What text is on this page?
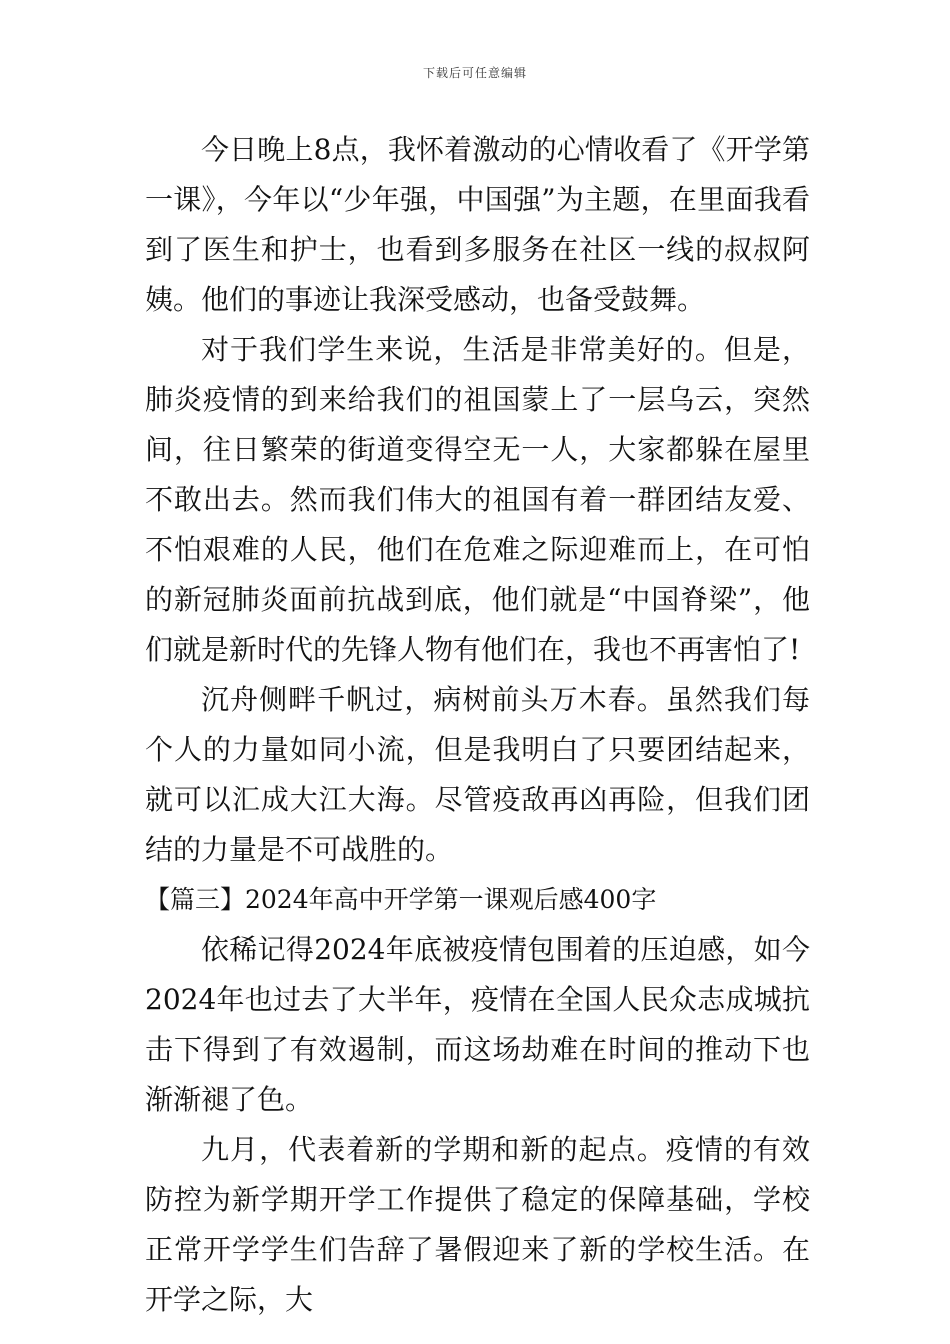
下载后可任意编辑

今日晚上8点，我怀着激动的心情收看了《开学第一课》，今年以“少年强，中国强”为主题，在里面我看到了医生和护士，也看到多服务在社区一线的叔叔阿姨。他们的事迹让我深受感动，也备受鼓舞。

对于我们学生来说，生活是非常美好的。但是，肺炎疫情的到来给我们的祖国蒙上了一层乌云，突然间，往日繁荣的街道变得空无一人，大家都躲在屋里不敢出去。然而我们伟大的祖国有着一群团结友爱、不怕艰难的人民，他们在危难之际迎难而上，在可怕的新冠肺炎面前抗战到底，他们就是“中国脊梁”，他们就是新时代的先锋人物有他们在，我也不再害怕了!

沉舟侧畔千帆过，病树前头万木春。虽然我们每个人的力量如同小流，但是我明白了只要团结起来，就可以汇成大江大海。尽管疫敌再凶再险，但我们团结的力量是不可战胜的。

【篇三】2024年高中开学第一课观后感400字

依稀记得2024年底被疫情包围着的压迫感，如今2024年也过去了大半年，疫情在全国人民众志成城抗击下得到了有效遏制，而这场劫难在时间的推动下也渐渐褪了色。

九月，代表着新的学期和新的起点。疫情的有效防控为新学期开学工作提供了稳定的保障基础，学校正常开学学生们告辞了暑假迎来了新的学校生活。在开学之际，大
